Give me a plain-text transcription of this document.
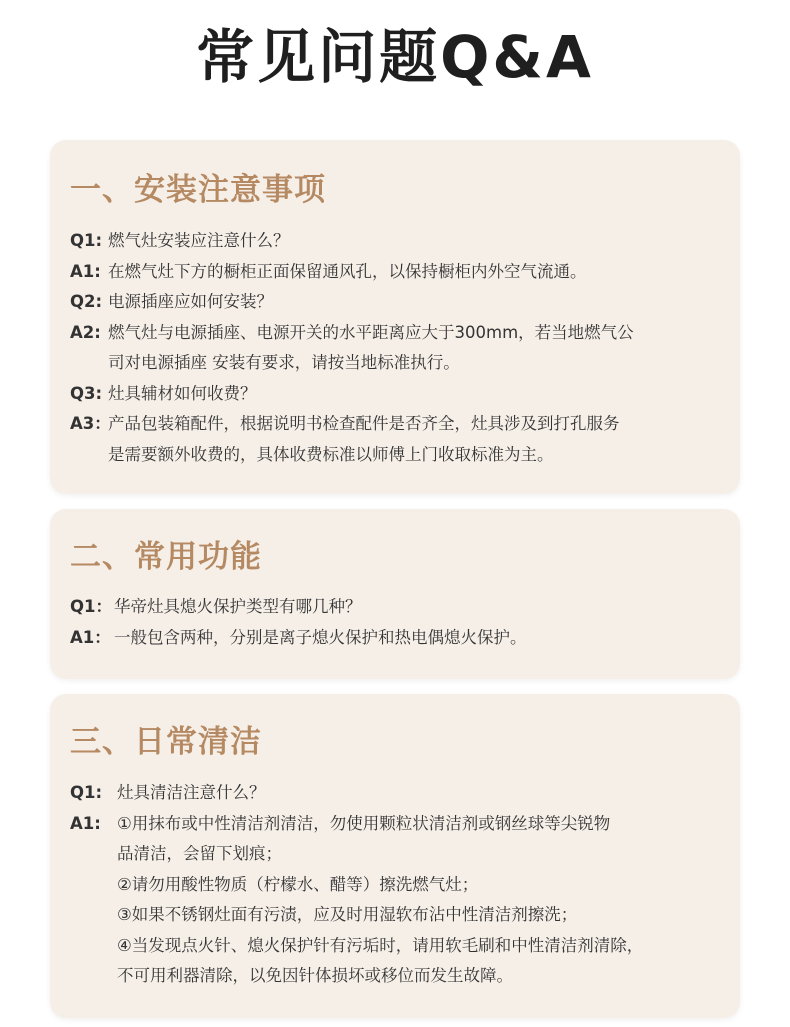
常见问题Q&A
一、安装注意事项
Q1: 燃气灶安装应注意什么？
A1: 在燃气灶下方的橱柜正面保留通风孔，以保持橱柜内外空气流通。
Q2: 电源插座应如何安装？
A2: 燃气灶与电源插座、电源开关的水平距离应大于300mm，若当地燃气公
司对电源插座 安装有要求，请按当地标准执行。
Q3: 灶具辅材如何收费？
A3：
产品包装箱配件，根据说明书检查配件是否齐全，灶具涉及到打孔服务
是需要额外收费的，具体收费标准以师傅上门收取标准为主。
二、常用功能
Q1： 华帝灶具熄火保护类型有哪几种？
A1： 一般包含两种，分别是离子熄火保护和热电偶熄火保护。
三、日常清洁
Q1: 灶具清洁注意什么？
A1: ①用抹布或中性清洁剂清洁，勿使用颗粒状清洁剂或钢丝球等尖锐物
品清洁，会留下划痕；
②请勿用酸性物质（柠檬水、醋等）擦洗燃气灶；
③如果不锈钢灶面有污渍，应及时用湿软布沾中性清洁剂擦洗；
④当发现点火针、熄火保护针有污垢时，请用软毛刷和中性清洁剂清除，
不可用利器清除，以免因针体损坏或移位而发生故障。
